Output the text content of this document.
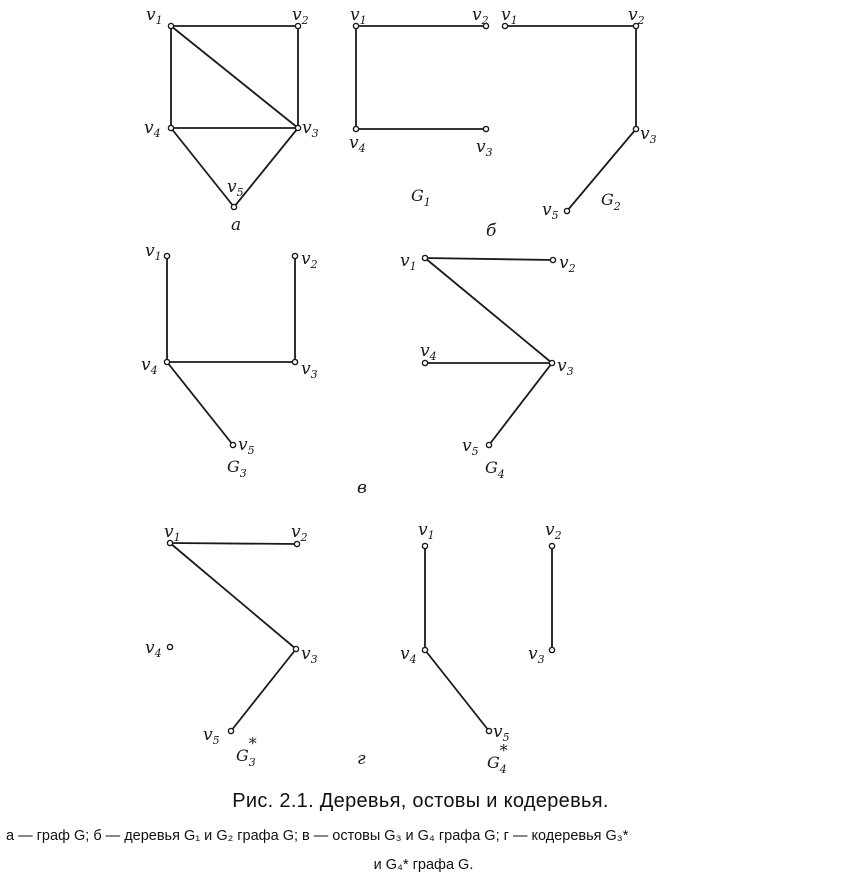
$v_1$	$v_2$
$v_3$
$v_4$
$v_5$
а
$v_1$	$v_2$
$v_3$
$v_4$
$G_1$
$v_1$	$v_2$
$v_3$
$v_5$
$G_2$
б
$v_1$	$v_2$
$v_3$
$v_4$
$v_5$
$G_3$
$v_1$	$v_2$
$v_3$
$v_4$
$v_5$
$G_4$
в
$v_1$	$v_2$
$v_3$
$v_4$
$v_5$
$G_3*$
$v_1$	$v_2$
$v_3$
$v_4$
$v_5$
$G_4*$
г
Рис. 2.1. Деревья, остовы и кодеревья.
а — граф G; б — деревья G₁ и G₂ графа G; в — остовы G₃ и G₄ графа G; г — кодеревья G₃*
и G₄* графа G.
